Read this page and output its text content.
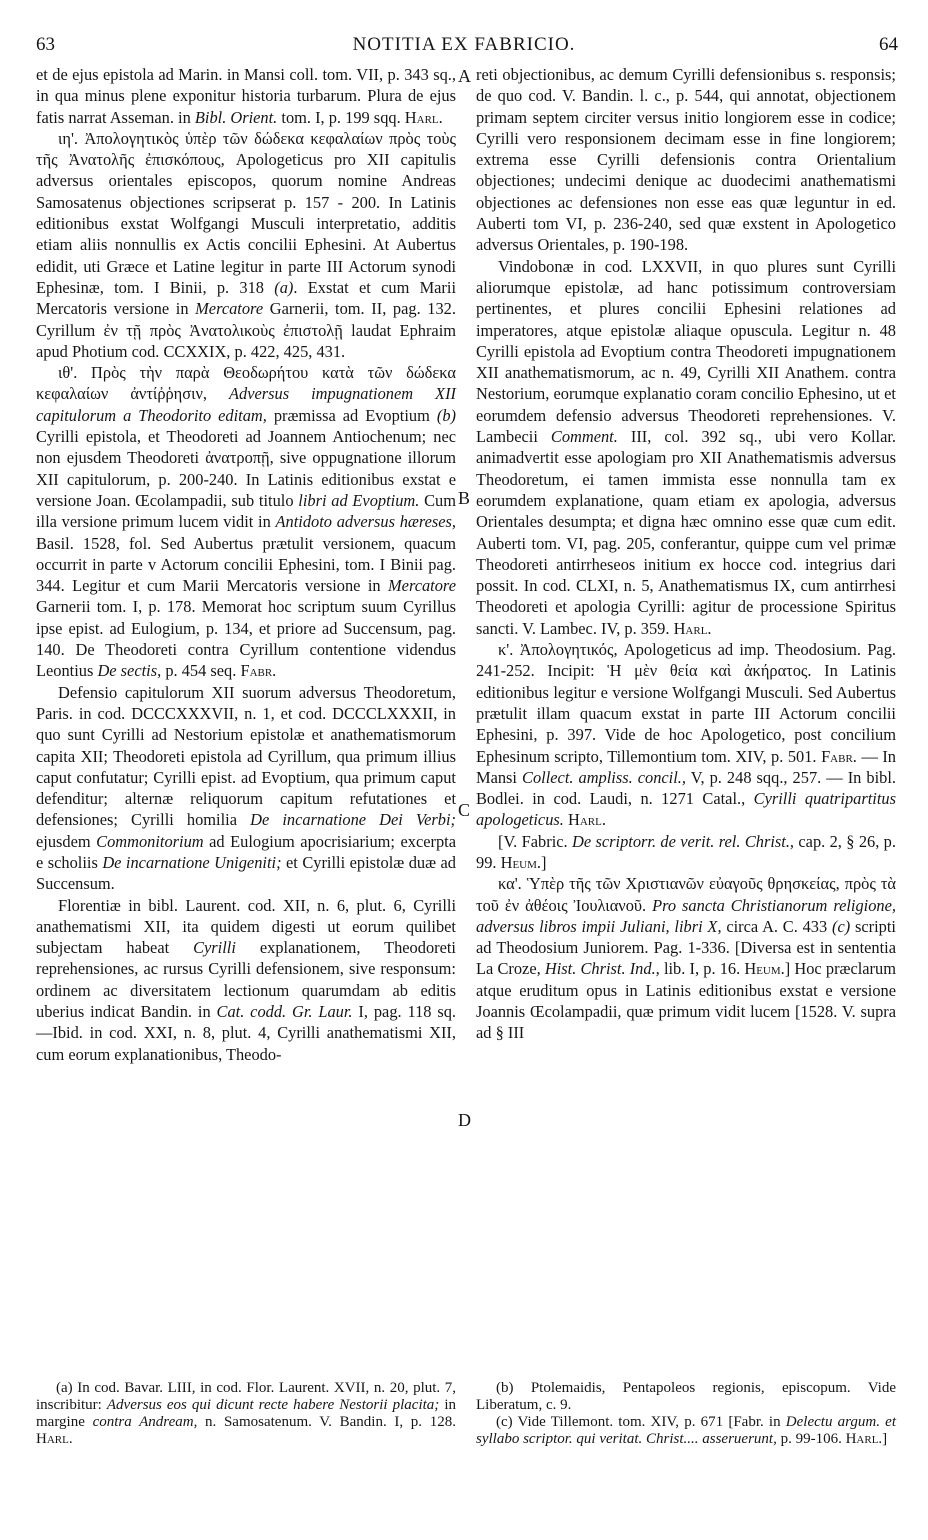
63	NOTITIA EX FABRICIO.	64
A
B
C
D

et de ejus epistola ad Marin. in Mansi coll. tom. VII, p. 343 sq., in qua minus plene exponitur historia turbarum. Plura de ejus fatis narrat Asseman. in Bibl. Orient. tom. I, p. 199 sqq. Harl.

ιη'. Ἀπολογητικὸς ὑπὲρ τῶν δώδεκα κεφαλαίων πρὸς τοὺς τῆς Ἀνατολῆς ἐπισκόπους, Apologeticus pro XII capitulis adversus orientales episcopos, quorum nomine Andreas Samosatenus objectiones scripserat p. 157 - 200. In Latinis editionibus exstat Wolfgangi Musculi interpretatio, additis etiam aliis nonnullis ex Actis concilii Ephesini. At Aubertus edidit, uti Græce et Latine legitur in parte III Actorum synodi Ephesinæ, tom. I Binii, p. 318 (a). Exstat et cum Marii Mercatoris versione in Mercatore Garnerii, tom. II, pag. 132. Cyrillum ἐν τῇ πρὸς Ἀνατολικοὺς ἐπιστολῇ laudat Ephraim apud Photium cod. CCXXIX, p. 422, 425, 431.

ιθ'. Πρὸς τὴν παρὰ Θεοδωρήτου κατὰ τῶν δώδεκα κεφαλαίων ἀντίῤῥησιν, Adversus impugnationem XII capitulorum a Theodorito editam, præmissa ad Evoptium (b) Cyrilli epistola, et Theodoreti ad Joannem Antiochenum; nec non ejusdem Theodoreti ἀνατροπῇ, sive oppugnatione illorum XII capitulorum, p. 200-240. In Latinis editionibus exstat e versione Joan. Œcolampadii, sub titulo libri ad Evoptium. Cum illa versione primum lucem vidit in Antidoto adversus hæreses, Basil. 1528, fol. Sed Aubertus prætulit versionem, quacum occurrit in parte v Actorum concilii Ephesini, tom. I Binii pag. 344. Legitur et cum Marii Mercatoris versione in Mercatore Garnerii tom. I, p. 178. Memorat hoc scriptum suum Cyrillus ipse epist. ad Eulogium, p. 134, et priore ad Succensum, pag. 140. De Theodoreti contra Cyrillum contentione videndus Leontius De sectis, p. 454 seq. Fabr.

Defensio capitulorum XII suorum adversus Theodoretum, Paris. in cod. DCCCXXXVII, n. 1, et cod. DCCCLXXXII, in quo sunt Cyrilli ad Nestorium epistolæ et anathematismorum capita XII; Theodoreti epistola ad Cyrillum, qua primum illius caput confutatur; Cyrilli epist. ad Evoptium, qua primum caput defenditur; alternæ reliquorum capitum refutationes et defensiones; Cyrilli homilia De incarnatione Dei Verbi; ejusdem Commonitorium ad Eulogium apocrisiarium; excerpta e scholiis De incarnatione Unigeniti; et Cyrilli epistolæ duæ ad Succensum.

Florentiæ in bibl. Laurent. cod. XII, n. 6, plut. 6, Cyrilli anathematismi XII, ita quidem digesti ut eorum quilibet subjectam habeat Cyrilli explanationem, Theodoreti reprehensiones, ac rursus Cyrilli defensionem, sive responsum: ordinem ac diversitatem lectionum quarumdam ab editis uberius indicat Bandin. in Cat. codd. Gr. Laur. I, pag. 118 sq. —Ibid. in cod. XXI, n. 8, plut. 4, Cyrilli anathematismi XII, cum eorum explanationibus, Theodo-

reti objectionibus, ac demum Cyrilli defensionibus s. responsis; de quo cod. V. Bandin. l. c., p. 544, qui annotat, objectionem primam septem circiter versus initio longiorem esse in codice; Cyrilli vero responsionem decimam esse in fine longiorem; extrema esse Cyrilli defensionis contra Orientalium objectiones; undecimi denique ac duodecimi anathematismi objectiones ac defensiones non esse eas quæ leguntur in ed. Auberti tom VI, p. 236-240, sed quæ exstent in Apologetico adversus Orientales, p. 190-198.

Vindobonæ in cod. LXXVII, in quo plures sunt Cyrilli aliorumque epistolæ, ad hanc potissimum controversiam pertinentes, et plures concilii Ephesini relationes ad imperatores, atque epistolæ aliaque opuscula. Legitur n. 48 Cyrilli epistola ad Evoptium contra Theodoreti impugnationem XII anathematismorum, ac n. 49, Cyrilli XII Anathem. contra Nestorium, eorumque explanatio coram concilio Ephesino, ut et eorumdem defensio adversus Theodoreti reprehensiones. V. Lambecii Comment. III, col. 392 sq., ubi vero Kollar. animadvertit esse apologiam pro XII Anathematismis adversus Theodoretum, ei tamen immista esse nonnulla tam ex eorumdem explanatione, quam etiam ex apologia, adversus Orientales desumpta; et digna hæc omnino esse quæ cum edit. Auberti tom. VI, pag. 205, conferantur, quippe cum vel primæ Theodoreti antirrheseos initium ex hocce cod. integrius dari possit. In cod. CLXI, n. 5, Anathematismus IX, cum antirrhesi Theodoreti et apologia Cyrilli: agitur de processione Spiritus sancti. V. Lambec. IV, p. 359. Harl.

κ'. Ἀπολογητικός, Apologeticus ad imp. Theodosium. Pag. 241-252. Incipit: Ἡ μὲν θεία καὶ ἀκήρατος. In Latinis editionibus legitur e versione Wolfgangi Musculi. Sed Aubertus prætulit illam quacum exstat in parte III Actorum concilii Ephesini, p. 397. Vide de hoc Apologetico, post concilium Ephesinum scripto, Tillemontium tom. XIV, p. 501. Fabr. — In Mansi Collect. ampliss. concil., V, p. 248 sqq., 257. — In bibl. Bodlei. in cod. Laudi, n. 1271 Catal., Cyrilli quatripartitus apologeticus. Harl.

[V. Fabric. De scriptorr. de verit. rel. Christ., cap. 2, § 26, p. 99. Heum.]

κα'. Ὑπὲρ τῆς τῶν Χριστιανῶν εὐαγοῦς θρησκείας, πρὸς τὰ τοῦ ἐν ἀθέοις Ἰουλιανοῦ. Pro sancta Christianorum religione, adversus libros impii Juliani, libri X, circa A. C. 433 (c) scripti ad Theodosium Juniorem. Pag. 1-336. [Diversa est in sententia La Croze, Hist. Christ. Ind., lib. I, p. 16. Heum.] Hoc præclarum atque eruditum opus in Latinis editionibus exstat e versione Joannis Œcolampadii, quæ primum vidit lucem [1528. V. supra ad § III

(a) In cod. Bavar. LIII, in cod. Flor. Laurent. XVII, n. 20, plut. 7, inscribitur: Adversus eos qui dicunt recte habere Nestorii placita; in margine contra Andream, n. Samosatenum. V. Bandin. I, p. 128. Harl.

(b) Ptolemaidis, Pentapoleos regionis, episcopum. Vide Liberatum, c. 9.

(c) Vide Tillemont. tom. XIV, p. 671 [Fabr. in Delectu argum. et syllabo scriptor. qui veritat. Christ.... asseruerunt, p. 99-106. Harl.]
